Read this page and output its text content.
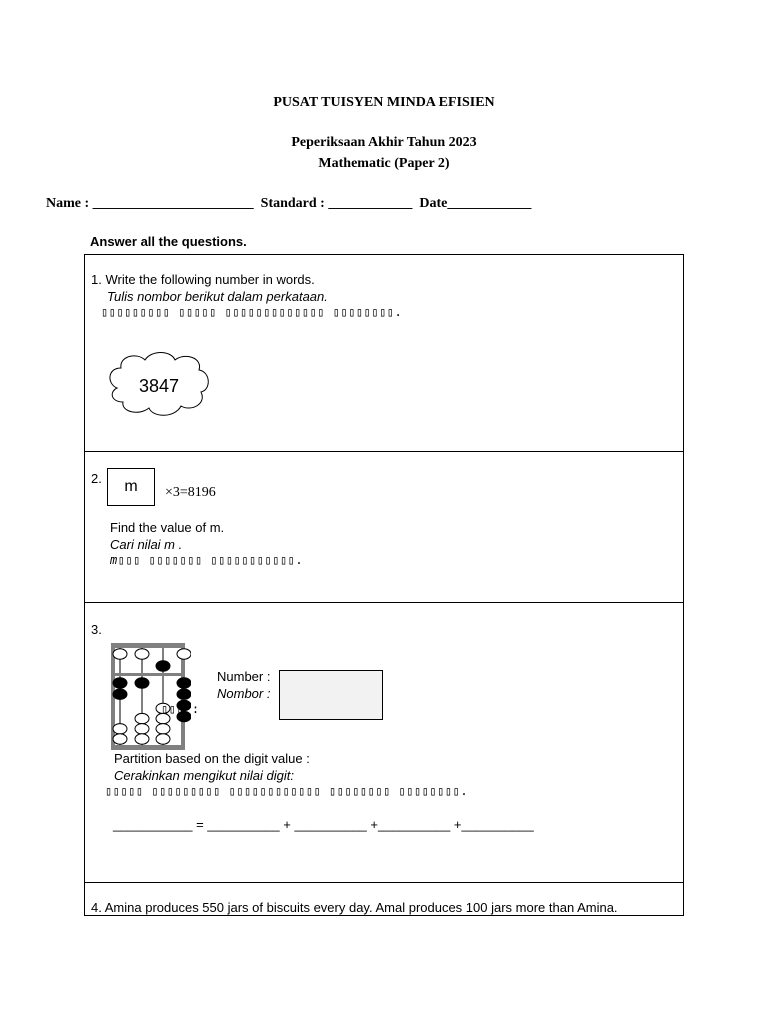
PUSAT TUISYEN MINDA EFISIEN
Peperiksaan Akhir Tahun 2023
Mathematic (Paper 2)
Name : _______________________ Standard : ____________ Date____________
Answer all the questions.
1. Write the following number in words.
Tulis nombor berikut dalam perkataan.
▯▯▯▯▯▯▯▯▯ ▯▯▯▯▯ ▯▯▯▯▯▯▯▯▯▯▯▯▯ ▯▯▯▯▯▯▯▯.
3847
2.	m	×3=8196
Find the value of m.
Cari nilai m .
m▯▯▯ ▯▯▯▯▯▯▯ ▯▯▯▯▯▯▯▯▯▯▯.
3.
Number :
Nombor :
▯▯▯ :
Partition based on the digit value :
Cerakinkan mengikut nilai digit:
▯▯▯▯▯ ▯▯▯▯▯▯▯▯▯ ▯▯▯▯▯▯▯▯▯▯▯▯ ▯▯▯▯▯▯▯▯ ▯▯▯▯▯▯▯▯.
___________ = __________ + __________ +__________ +__________
4. Amina produces 550 jars of biscuits every day. Amal produces 100 jars more than Amina.
